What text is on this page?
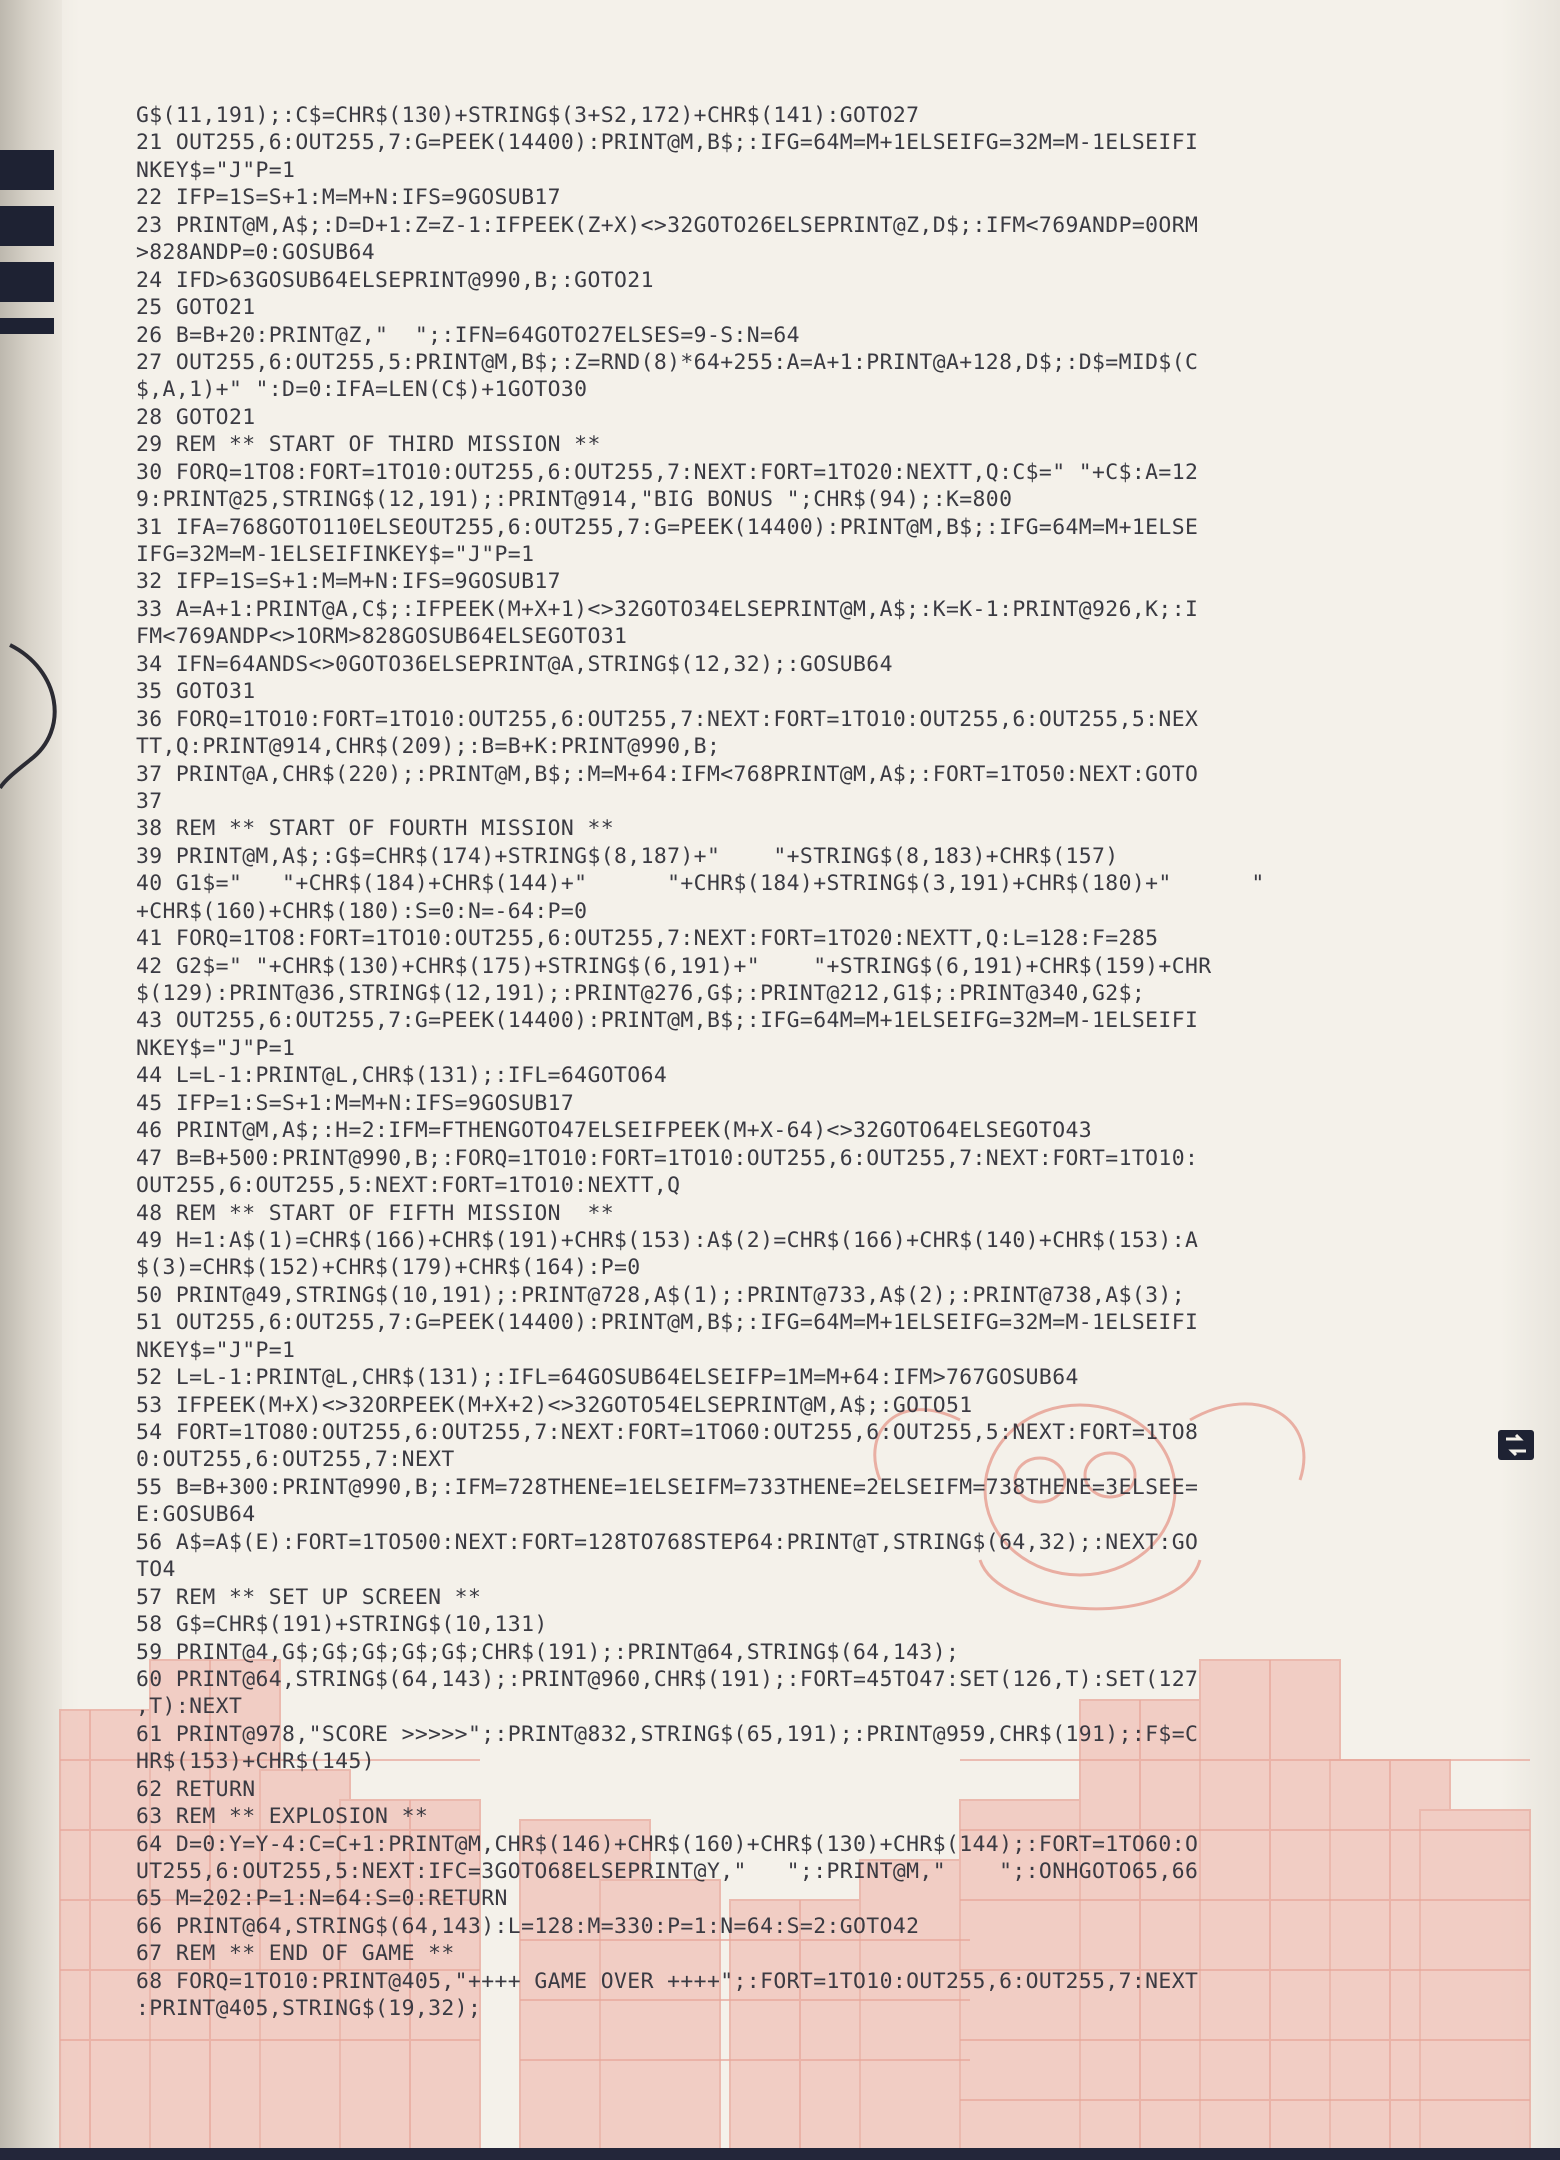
G$(11,191);:C$=CHR$(130)+STRING$(3+S2,172)+CHR$(141):GOTO27
21 OUT255,6:OUT255,7:G=PEEK(14400):PRINT@M,B$;:IFG=64M=M+1ELSEIFG=32M=M-1ELSEIFI
NKEY$="J"P=1
22 IFP=1S=S+1:M=M+N:IFS=9GOSUB17
23 PRINT@M,A$;:D=D+1:Z=Z-1:IFPEEK(Z+X)<>32GOTO26ELSEPRINT@Z,D$;:IFM<769ANDP=0ORM
>828ANDP=0:GOSUB64
24 IFD>63GOSUB64ELSEPRINT@990,B;:GOTO21
25 GOTO21
26 B=B+20:PRINT@Z,"  ";:IFN=64GOTO27ELSES=9-S:N=64
27 OUT255,6:OUT255,5:PRINT@M,B$;:Z=RND(8)*64+255:A=A+1:PRINT@A+128,D$;:D$=MID$(C
$,A,1)+" ":D=0:IFA=LEN(C$)+1GOTO30
28 GOTO21
29 REM ** START OF THIRD MISSION **
30 FORQ=1TO8:FORT=1TO10:OUT255,6:OUT255,7:NEXT:FORT=1TO20:NEXTT,Q:C$=" "+C$:A=12
9:PRINT@25,STRING$(12,191);:PRINT@914,"BIG BONUS ";CHR$(94);:K=800
31 IFA=768GOTO110ELSEOUT255,6:OUT255,7:G=PEEK(14400):PRINT@M,B$;:IFG=64M=M+1ELSE
IFG=32M=M-1ELSEIFINKEY$="J"P=1
32 IFP=1S=S+1:M=M+N:IFS=9GOSUB17
33 A=A+1:PRINT@A,C$;:IFPEEK(M+X+1)<>32GOTO34ELSEPRINT@M,A$;:K=K-1:PRINT@926,K;:I
FM<769ANDP<>1ORM>828GOSUB64ELSEGOTO31
34 IFN=64ANDS<>0GOTO36ELSEPRINT@A,STRING$(12,32);:GOSUB64
35 GOTO31
36 FORQ=1TO10:FORT=1TO10:OUT255,6:OUT255,7:NEXT:FORT=1TO10:OUT255,6:OUT255,5:NEX
TT,Q:PRINT@914,CHR$(209);:B=B+K:PRINT@990,B;
37 PRINT@A,CHR$(220);:PRINT@M,B$;:M=M+64:IFM<768PRINT@M,A$;:FORT=1TO50:NEXT:GOTO
37
38 REM ** START OF FOURTH MISSION **
39 PRINT@M,A$;:G$=CHR$(174)+STRING$(8,187)+"    "+STRING$(8,183)+CHR$(157)
40 G1$="   "+CHR$(184)+CHR$(144)+"      "+CHR$(184)+STRING$(3,191)+CHR$(180)+"      "
+CHR$(160)+CHR$(180):S=0:N=-64:P=0
41 FORQ=1TO8:FORT=1TO10:OUT255,6:OUT255,7:NEXT:FORT=1TO20:NEXTT,Q:L=128:F=285
42 G2$=" "+CHR$(130)+CHR$(175)+STRING$(6,191)+"    "+STRING$(6,191)+CHR$(159)+CHR
$(129):PRINT@36,STRING$(12,191);:PRINT@276,G$;:PRINT@212,G1$;:PRINT@340,G2$;
43 OUT255,6:OUT255,7:G=PEEK(14400):PRINT@M,B$;:IFG=64M=M+1ELSEIFG=32M=M-1ELSEIFI
NKEY$="J"P=1
44 L=L-1:PRINT@L,CHR$(131);:IFL=64GOTO64
45 IFP=1:S=S+1:M=M+N:IFS=9GOSUB17
46 PRINT@M,A$;:H=2:IFM=FTHENGOTO47ELSEIFPEEK(M+X-64)<>32GOTO64ELSEGOTO43
47 B=B+500:PRINT@990,B;:FORQ=1TO10:FORT=1TO10:OUT255,6:OUT255,7:NEXT:FORT=1TO10:
OUT255,6:OUT255,5:NEXT:FORT=1TO10:NEXTT,Q
48 REM ** START OF FIFTH MISSION  **
49 H=1:A$(1)=CHR$(166)+CHR$(191)+CHR$(153):A$(2)=CHR$(166)+CHR$(140)+CHR$(153):A
$(3)=CHR$(152)+CHR$(179)+CHR$(164):P=0
50 PRINT@49,STRING$(10,191);:PRINT@728,A$(1);:PRINT@733,A$(2);:PRINT@738,A$(3);
51 OUT255,6:OUT255,7:G=PEEK(14400):PRINT@M,B$;:IFG=64M=M+1ELSEIFG=32M=M-1ELSEIFI
NKEY$="J"P=1
52 L=L-1:PRINT@L,CHR$(131);:IFL=64GOSUB64ELSEIFP=1M=M+64:IFM>767GOSUB64
53 IFPEEK(M+X)<>32ORPEEK(M+X+2)<>32GOTO54ELSEPRINT@M,A$;:GOTO51
54 FORT=1TO80:OUT255,6:OUT255,7:NEXT:FORT=1TO60:OUT255,6:OUT255,5:NEXT:FORT=1TO8
0:OUT255,6:OUT255,7:NEXT
55 B=B+300:PRINT@990,B;:IFM=728THENE=1ELSEIFM=733THENE=2ELSEIFM=738THENE=3ELSEE=
E:GOSUB64
56 A$=A$(E):FORT=1TO500:NEXT:FORT=128TO768STEP64:PRINT@T,STRING$(64,32);:NEXT:GO
TO4
57 REM ** SET UP SCREEN **
58 G$=CHR$(191)+STRING$(10,131)
59 PRINT@4,G$;G$;G$;G$;G$;CHR$(191);:PRINT@64,STRING$(64,143);
60 PRINT@64,STRING$(64,143);:PRINT@960,CHR$(191);:FORT=45TO47:SET(126,T):SET(127
,T):NEXT
61 PRINT@978,"SCORE >>>>>";:PRINT@832,STRING$(65,191);:PRINT@959,CHR$(191);:F$=C
HR$(153)+CHR$(145)
62 RETURN
63 REM ** EXPLOSION **
64 D=0:Y=Y-4:C=C+1:PRINT@M,CHR$(146)+CHR$(160)+CHR$(130)+CHR$(144);:FORT=1TO60:O
UT255,6:OUT255,5:NEXT:IFC=3GOTO68ELSEPRINT@Y,"   ";:PRINT@M,"    ";:ONHGOTO65,66
65 M=202:P=1:N=64:S=0:RETURN
66 PRINT@64,STRING$(64,143):L=128:M=330:P=1:N=64:S=2:GOTO42
67 REM ** END OF GAME **
68 FORQ=1TO10:PRINT@405,"++++ GAME OVER ++++";:FORT=1TO10:OUT255,6:OUT255,7:NEXT
:PRINT@405,STRING$(19,32);
